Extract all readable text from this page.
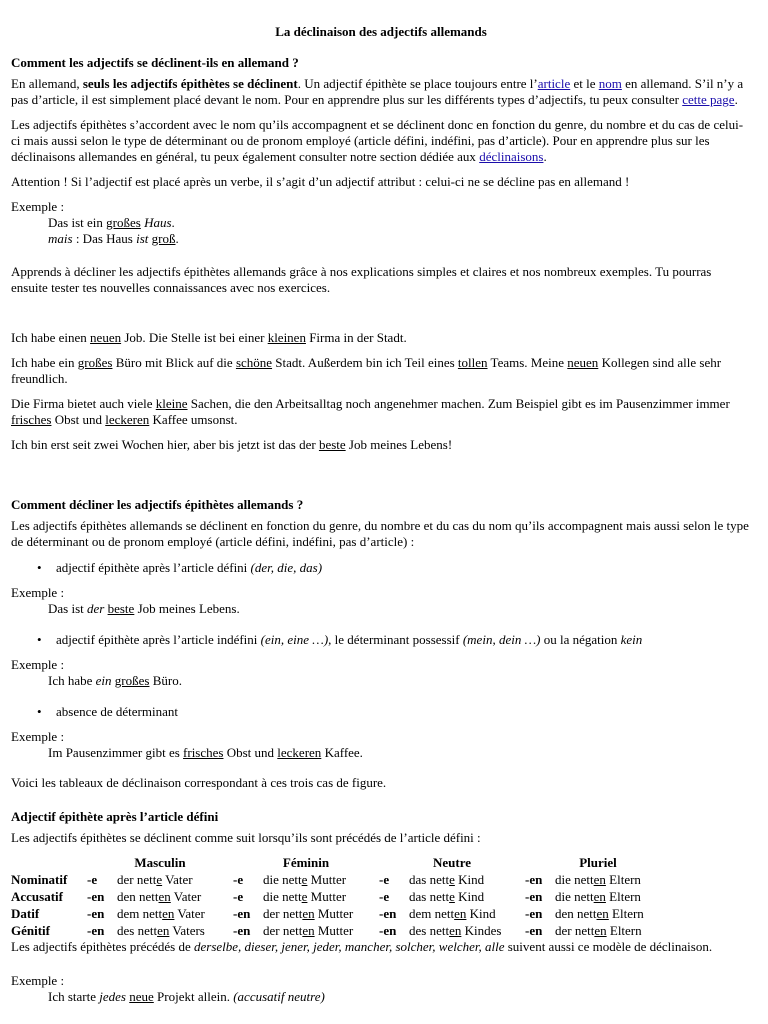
La déclinaison des adjectifs allemands
Comment les adjectifs se déclinent-ils en allemand ?

En allemand, seuls les adjectifs épithètes se déclinent. Un adjectif épithète se place toujours entre l’article et le nom en allemand. S’il n’y a pas d’article, il est simplement placé devant le nom. Pour en apprendre plus sur les différents types d’adjectifs, tu peux consulter cette page.

Les adjectifs épithètes s’accordent avec le nom qu’ils accompagnent et se déclinent donc en fonction du genre, du nombre et du cas de celui-ci mais aussi selon le type de déterminant ou de pronom employé (article défini, indéfini, pas d’article). Pour en apprendre plus sur les déclinaisons allemandes en général, tu peux également consulter notre section dédiée aux déclinaisons.

Attention ! Si l’adjectif est placé après un verbe, il s’agit d’un adjectif attribut : celui-ci ne se décline pas en allemand !

Exemple :
Das ist ein großes Haus.
mais : Das Haus ist groß.

Apprends à décliner les adjectifs épithètes allemands grâce à nos explications simples et claires et nos nombreux exemples. Tu pourras ensuite tester tes nouvelles connaissances avec nos exercices.

Ich habe einen neuen Job. Die Stelle ist bei einer kleinen Firma in der Stadt.

Ich habe ein großes Büro mit Blick auf die schöne Stadt. Außerdem bin ich Teil eines tollen Teams. Meine neuen Kollegen sind alle sehr freundlich.

Die Firma bietet auch viele kleine Sachen, die den Arbeitsalltag noch angenehmer machen. Zum Beispiel gibt es im Pausenzimmer immer frisches Obst und leckeren Kaffee umsonst.

Ich bin erst seit zwei Wochen hier, aber bis jetzt ist das der beste Job meines Lebens!

Comment décliner les adjectifs épithètes allemands ?

Les adjectifs épithètes allemands se déclinent en fonction du genre, du nombre et du cas du nom qu’ils accompagnent mais aussi selon le type de déterminant ou de pronom employé (article défini, indéfini, pas d’article) :

• adjectif épithète après l’article défini (der, die, das)
Exemple :
Das ist der beste Job meines Lebens.
• adjectif épithète après l’article indéfini (ein, eine …), le déterminant possessif (mein, dein …) ou la négation kein
Exemple :
Ich habe ein großes Büro.
• absence de déterminant
Exemple :
Im Pausenzimmer gibt es frisches Obst und leckeren Kaffee.

Voici les tableaux de déclinaison correspondant à ces trois cas de figure.

Adjectif épithète après l’article défini

Les adjectifs épithètes se déclinent comme suit lorsqu’ils sont précédés de l’article défini :

	Masculin		Féminin		Neutre		Pluriel	
Nominatif	-e	der nette Vater	-e	die nette Mutter	-e	das nette Kind	-en	die netten Eltern
Accusatif	-en	den netten Vater	-e	die nette Mutter	-e	das nette Kind	-en	die netten Eltern
Datif	-en	dem netten Vater	-en	der netten Mutter	-en	dem netten Kind	-en	den netten Eltern
Génitif	-en	des netten Vaters	-en	der netten Mutter	-en	des netten Kindes	-en	der netten Eltern

Les adjectifs épithètes précédés de derselbe, dieser, jener, jeder, mancher, solcher, welcher, alle suivent aussi ce modèle de déclinaison.

Exemple :
Ich starte jedes neue Projekt allein. (accusatif neutre)
